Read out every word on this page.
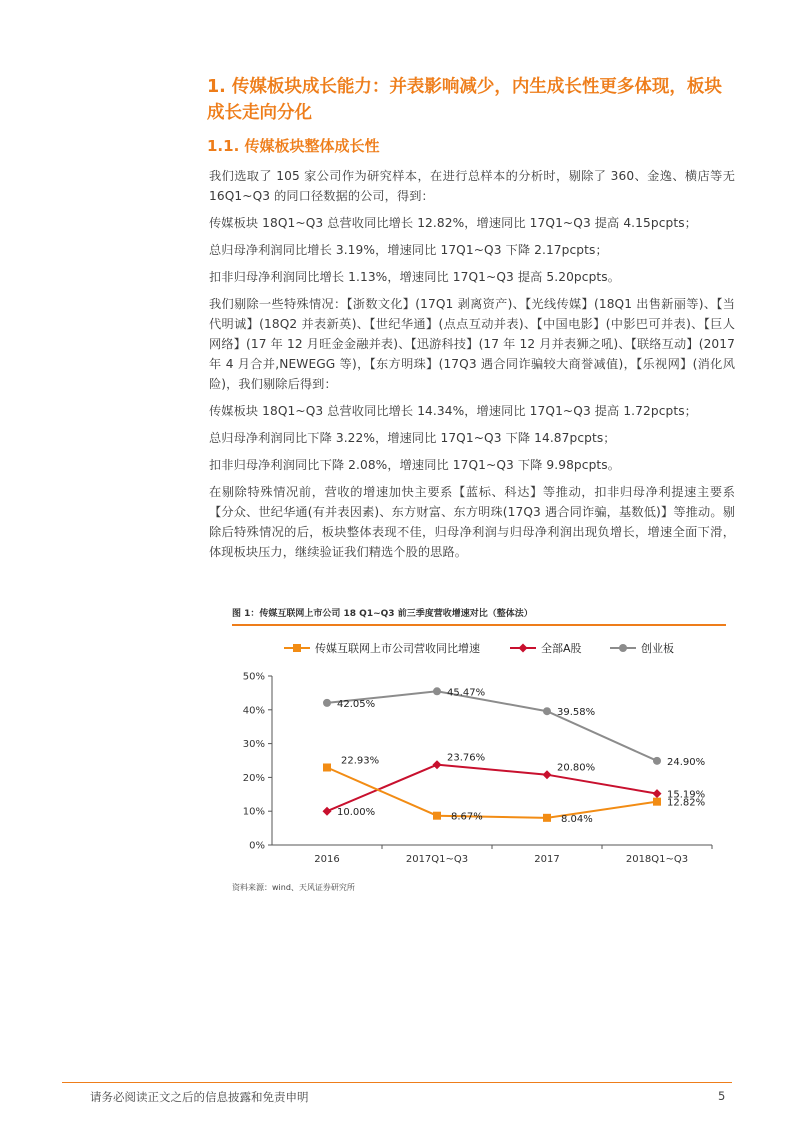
1. 传媒板块成长能力：并表影响减少，内生成长性更多体现，板块成长走向分化
1.1. 传媒板块整体成长性

我们选取了 105 家公司作为研究样本，在进行总样本的分析时，剔除了 360、金逸、横店等无 16Q1~Q3 的同口径数据的公司，得到：

传媒板块 18Q1~Q3 总营收同比增长 12.82%，增速同比 17Q1~Q3 提高 4.15pcpts；

总归母净利润同比增长 3.19%，增速同比 17Q1~Q3 下降 2.17pcpts；

扣非归母净利润同比增长 1.13%，增速同比 17Q1~Q3 提高 5.20pcpts。

我们剔除一些特殊情况：【浙数文化】(17Q1 剥离资产)、【光线传媒】(18Q1 出售新丽等)、【当代明诚】(18Q2 并表新英)、【世纪华通】(点点互动并表)、【中国电影】(中影巴可并表)、【巨人网络】(17 年 12 月旺金金融并表)、【迅游科技】(17 年 12 月并表狮之吼)、【联络互动】(2017 年 4 月合并,NEWEGG 等)，【东方明珠】(17Q3 遇合同诈骗较大商誉减值)，【乐视网】(消化风险)，我们剔除后得到：

传媒板块 18Q1~Q3 总营收同比增长 14.34%，增速同比 17Q1~Q3 提高 1.72pcpts；

总归母净利润同比下降 3.22%，增速同比 17Q1~Q3 下降 14.87pcpts；

扣非归母净利润同比下降 2.08%，增速同比 17Q1~Q3 下降 9.98pcpts。

在剔除特殊情况前，营收的增速加快主要系【蓝标、科达】等推动，扣非归母净利提速主要系【分众、世纪华通(有并表因素)、东方财富、东方明珠(17Q3 遇合同诈骗，基数低)】等推动。剔除后特殊情况的后，板块整体表现不佳，归母净利润与归母净利润出现负增长，增速全面下滑，体现板块压力，继续验证我们精选个股的思路。

图 1：传媒互联网上市公司 18 Q1~Q3 前三季度营收增速对比（整体法）
传媒互联网上市公司营收同比增速	全部A股	创业板
0%
10%
20%
30%
40%
50%
2016	2017Q1~Q3	2017	2018Q1~Q3
42.05%
45.47%
39.58%
24.90%
10.00%
23.76%
20.80%
15.19%
22.93%
8.67%	8.04%
12.82%
资料来源：wind、天风证券研究所
请务必阅读正文之后的信息披露和免责申明	5
